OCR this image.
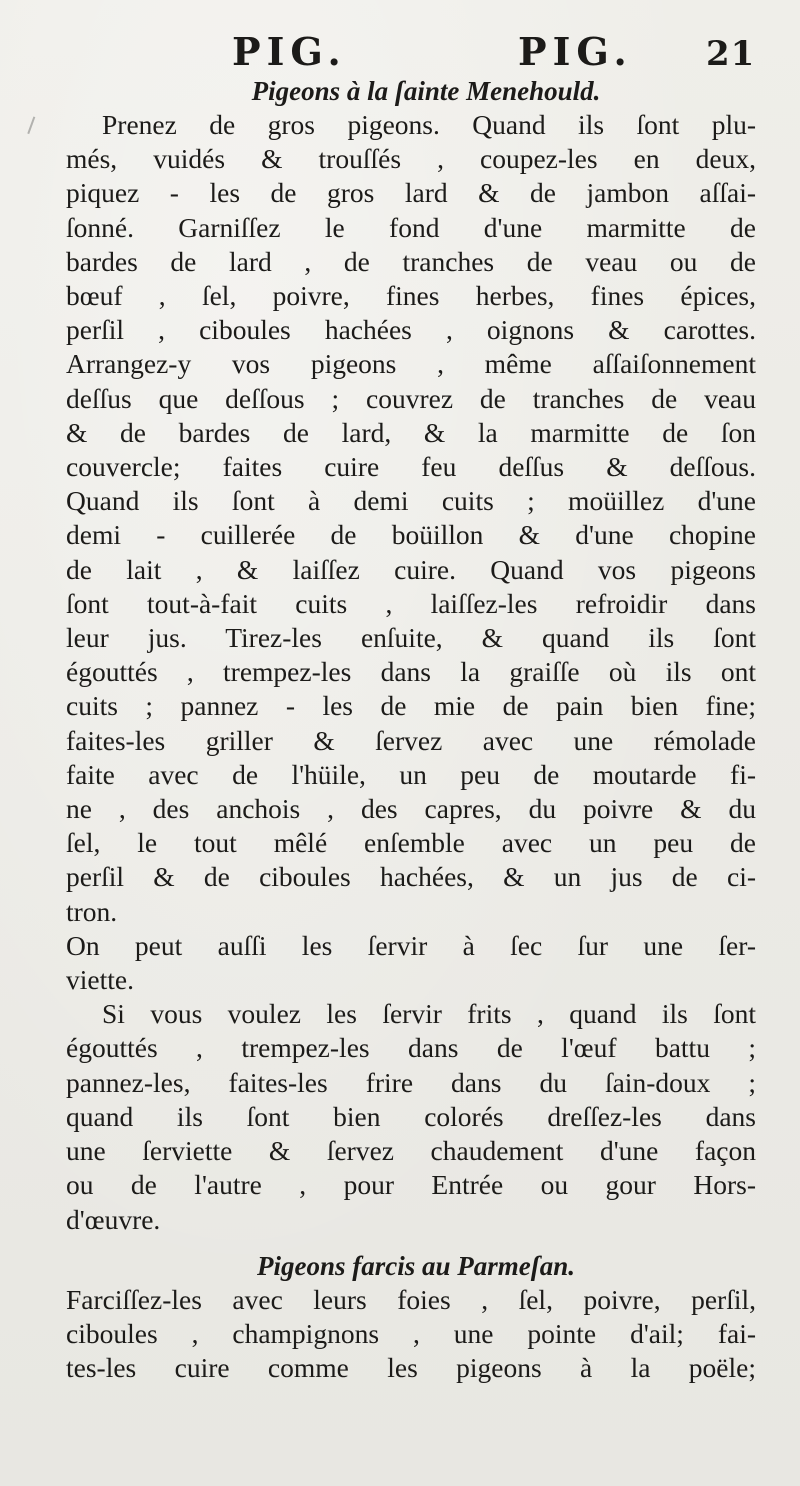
PIG.	PIG. 21
Pigeons à la ſainte Menehould.
Prenez de gros pigeons. Quand ils ſont plu-
més, vuidés & trouſſés , coupez-les en deux,
piquez - les de gros lard & de jambon aſſai-
ſonné. Garniſſez le fond d'une marmitte de
bardes de lard , de tranches de veau ou de
bœuf , ſel, poivre, fines herbes, fines épices,
perſil , ciboules hachées , oignons & carottes.
Arrangez-y vos pigeons , même aſſaiſonnement
deſſus que deſſous ; couvrez de tranches de veau
& de bardes de lard, & la marmitte de ſon
couvercle; faites cuire feu deſſus & deſſous.
Quand ils ſont à demi cuits ; moüillez d'une
demi - cuillerée de boüillon & d'une chopine
de lait , & laiſſez cuire. Quand vos pigeons
ſont tout-à-fait cuits , laiſſez-les refroidir dans
leur jus. Tirez-les enſuite, & quand ils ſont
égouttés , trempez-les dans la graiſſe où ils ont
cuits ; pannez - les de mie de pain bien fine;
faites-les griller & ſervez avec une rémolade
faite avec de l'hüile, un peu de moutarde fi-
ne , des anchois , des capres, du poivre & du
ſel, le tout mêlé enſemble avec un peu de
perſil & de ciboules hachées, & un jus de ci-
tron.
On peut auſſi les ſervir à ſec ſur une ſer-
viette.
Si vous voulez les ſervir frits , quand ils ſont
égouttés , trempez-les dans de l'œuf battu ;
pannez-les, faites-les frire dans du ſain-doux ;
quand ils ſont bien colorés dreſſez-les dans
une ſerviette & ſervez chaudement d'une façon
ou de l'autre , pour Entrée ou gour Hors-
d'œuvre.
Pigeons farcis au Parmeſan.
Farciſſez-les avec leurs foies , ſel, poivre, perſil,
ciboules , champignons , une pointe d'ail; fai-
tes-les cuire comme les pigeons à la poële;
